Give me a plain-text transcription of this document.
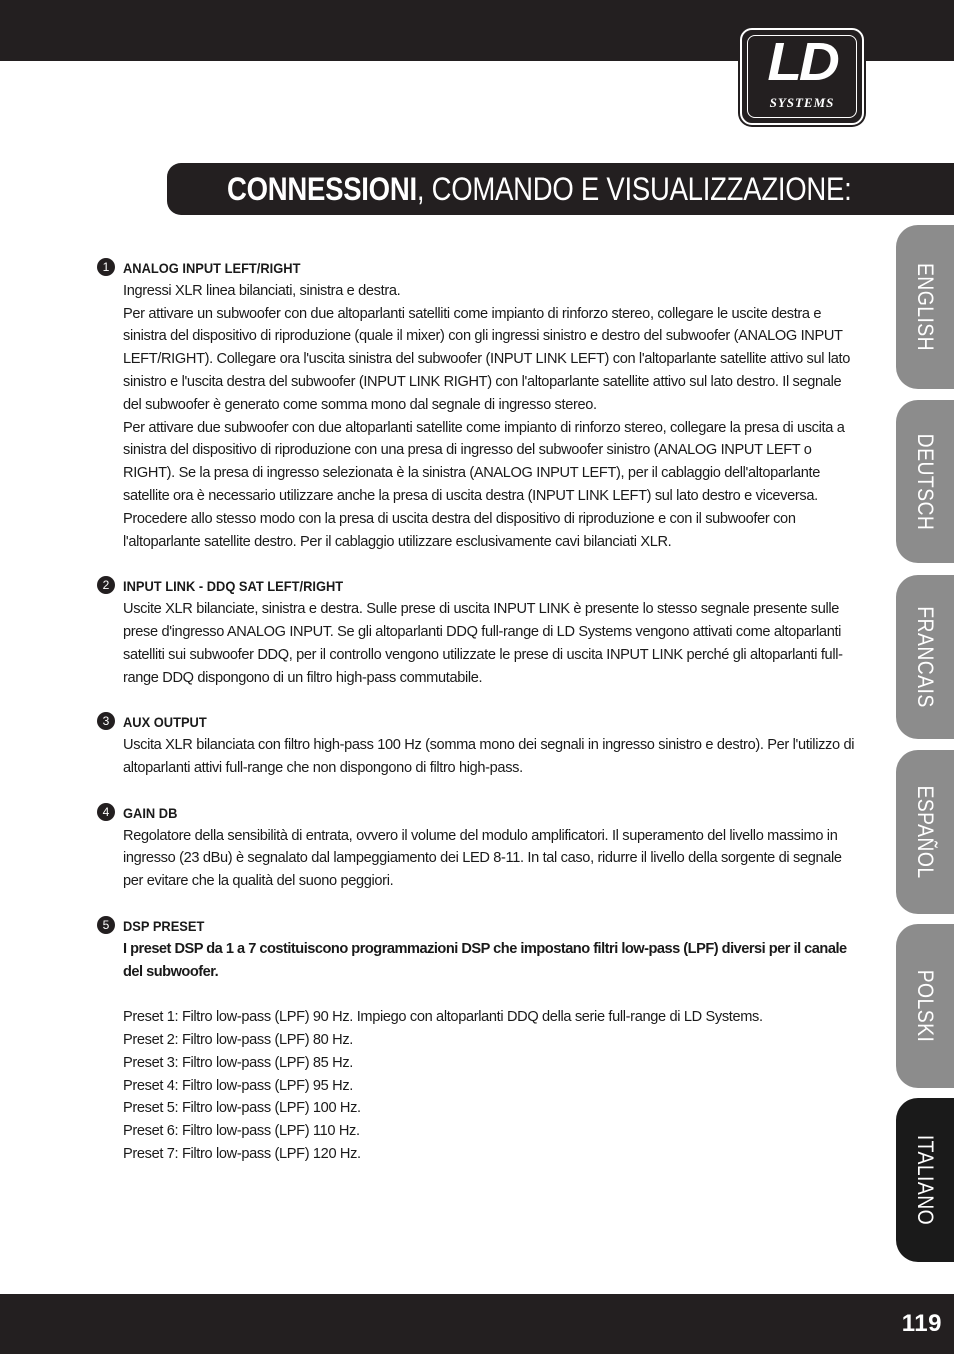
LD
SYSTEMS
CONNESSIONI, COMANDO E VISUALIZZAZIONE:
ENGLISH
DEUTSCH
FRANCAIS
ESPAÑOL
POLSKI
ITALIANO
1 ANALOG INPUT LEFT/RIGHT
Ingressi XLR linea bilanciati, sinistra e destra.
Per attivare un subwoofer con due altoparlanti satelliti come impianto di rinforzo stereo, collegare le uscite destra e sinistra del dispositivo di riproduzione (quale il mixer) con gli ingressi sinistro e destro del subwoofer (ANALOG INPUT LEFT/RIGHT). Collegare ora l'uscita sinistra del subwoofer (INPUT LINK LEFT) con l'altoparlante satellite attivo sul lato sinistro e l'uscita destra del subwoofer (INPUT LINK RIGHT) con l'altoparlante satellite attivo sul lato destro. Il segnale del subwoofer è generato come somma mono dal segnale di ingresso stereo.
Per attivare due subwoofer con due altoparlanti satellite come impianto di rinforzo stereo, collegare la presa di uscita a sinistra del dispositivo di riproduzione con una presa di ingresso del subwoofer sinistro (ANALOG INPUT LEFT o RIGHT). Se la presa di ingresso selezionata è la sinistra (ANALOG INPUT LEFT), per il cablaggio dell'altoparlante satellite ora è necessario utilizzare anche la presa di uscita destra (INPUT LINK LEFT) sul lato destro e viceversa. Procedere allo stesso modo con la presa di uscita destra del dispositivo di riproduzione e con il subwoofer con l'altoparlante satellite destro. Per il cablaggio utilizzare esclusivamente cavi bilanciati XLR.
2 INPUT LINK - DDQ SAT LEFT/RIGHT
Uscite XLR bilanciate, sinistra e destra. Sulle prese di uscita INPUT LINK è presente lo stesso segnale presente sulle prese d'ingresso ANALOG INPUT. Se gli altoparlanti DDQ full-range di LD Systems vengono attivati come altoparlanti satelliti sui subwoofer DDQ, per il controllo vengono utilizzate le prese di uscita INPUT LINK perché gli altoparlanti full-range DDQ dispongono di un filtro high-pass commutabile.
3 AUX OUTPUT
Uscita XLR bilanciata con filtro high-pass 100 Hz (somma mono dei segnali in ingresso sinistro e destro). Per l'utilizzo di altoparlanti attivi full-range che non dispongono di filtro high-pass.
4 GAIN DB
Regolatore della sensibilità di entrata, ovvero il volume del modulo amplificatori. Il superamento del livello massimo in ingresso (23 dBu) è segnalato dal lampeggiamento dei LED 8-11. In tal caso, ridurre il livello della sorgente di segnale per evitare che la qualità del suono peggiori.
5 DSP PRESET
I preset DSP da 1 a 7 costituiscono programmazioni DSP che impostano filtri low-pass (LPF) diversi per il canale del subwoofer.
Preset 1: Filtro low-pass (LPF) 90 Hz. Impiego con altoparlanti DDQ della serie full-range di LD Systems.
Preset 2: Filtro low-pass (LPF) 80 Hz.
Preset 3: Filtro low-pass (LPF) 85 Hz.
Preset 4: Filtro low-pass (LPF) 95 Hz.
Preset 5: Filtro low-pass (LPF) 100 Hz.
Preset 6: Filtro low-pass (LPF) 110 Hz.
Preset 7: Filtro low-pass (LPF) 120 Hz.
119
